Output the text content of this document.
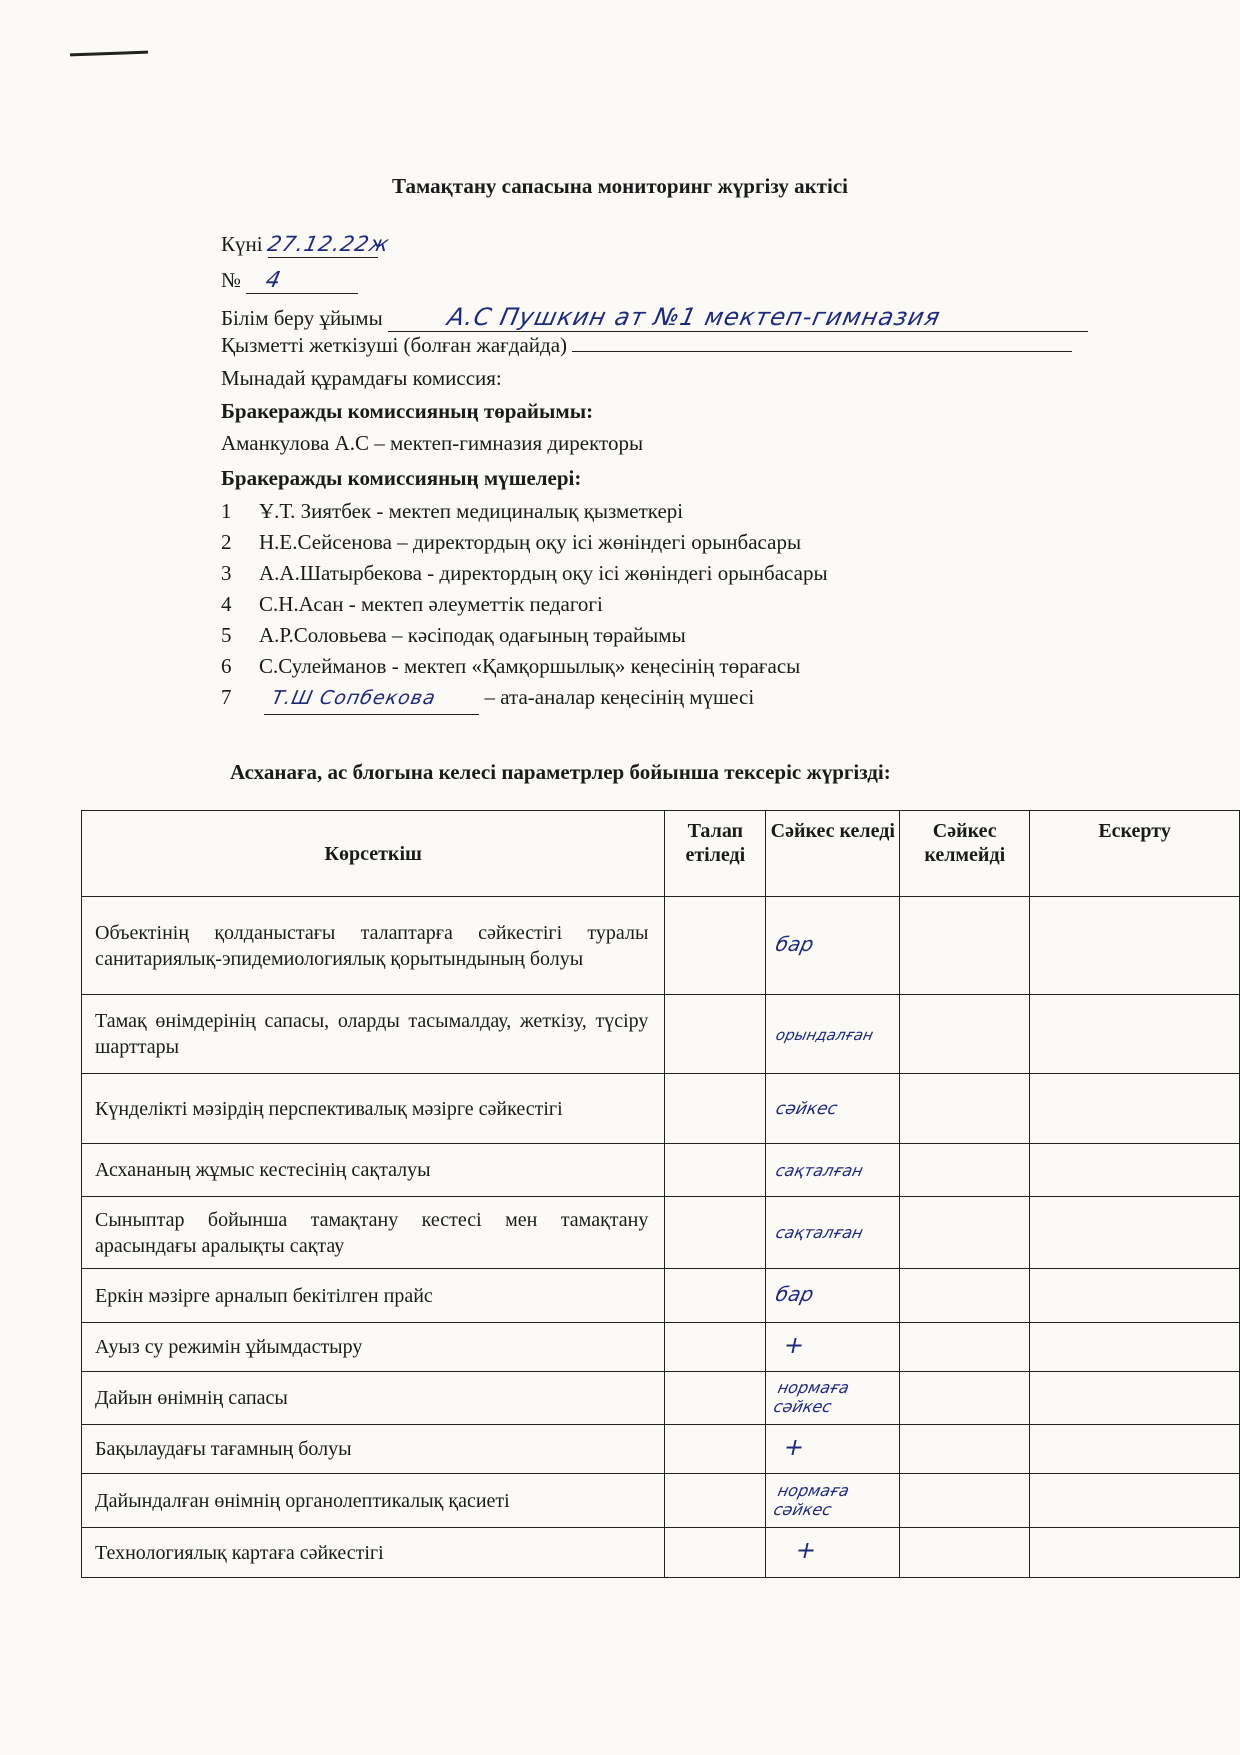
Тамақтану сапасына мониторинг жүргізу актісі
Күні 27.12.22ж
№ 4
Білім беру ұйымы	А.С Пушкин ат №1 мектеп-гимназия
Қызметті жеткізуші (болған жағдайда)
Мынадай құрамдағы комиссия:
Бракеражды комиссияның төрайымы:
Аманкулова А.С – мектеп-гимназия директоры
Бракеражды комиссияның мүшелері:
1 Ұ.Т. Зиятбек - мектеп медициналық қызметкері
2 Н.Е.Сейсенова – директордың оқу ісі жөніндегі орынбасары
3 А.А.Шатырбекова - директордың оқу ісі жөніндегі орынбасары
4 С.Н.Асан - мектеп әлеуметтік педагогі
5 А.Р.Соловьева – кәсіподақ одағының төрайымы
6 С.Сулейманов - мектеп «Қамқоршылық» кеңесінің төрағасы
7 Т.Ш Сопбекова – ата-аналар кеңесінің мүшесі
Асханаға, ас блогына келесі параметрлер бойынша тексеріс жүргізді:
Көрсеткіш	Талап етіледі	Сәйкес келеді	Сәйкес келмейді	Ескерту
Объектінің қолданыстағы талаптарға сәйкестігі туралы санитариялық-эпидемиологиялық қорытындының болуы		бар		
Тамақ өнімдерінің сапасы, оларды тасымалдау, жеткізу, түсіру шарттары		орындалған		
Күнделікті мәзірдің перспективалық мәзірге сәйкестігі		сәйкес		
Асхананың жұмыс кестесінің сақталуы		сақталған		
Сыныптар бойынша тамақтану кестесі мен тамақтану арасындағы аралықты сақтау		сақталған		
Еркін мәзірге арналып бекітілген прайс		бар		
Ауыз су режимін ұйымдастыру		+		
Дайын өнімнің сапасы		нормаға сәйкес		
Бақылаудағы тағамның болуы		+		
Дайындалған өнімнің органолептикалық қасиеті		нормаға сәйкес		
Технологиялық картаға сәйкестігі		+		
